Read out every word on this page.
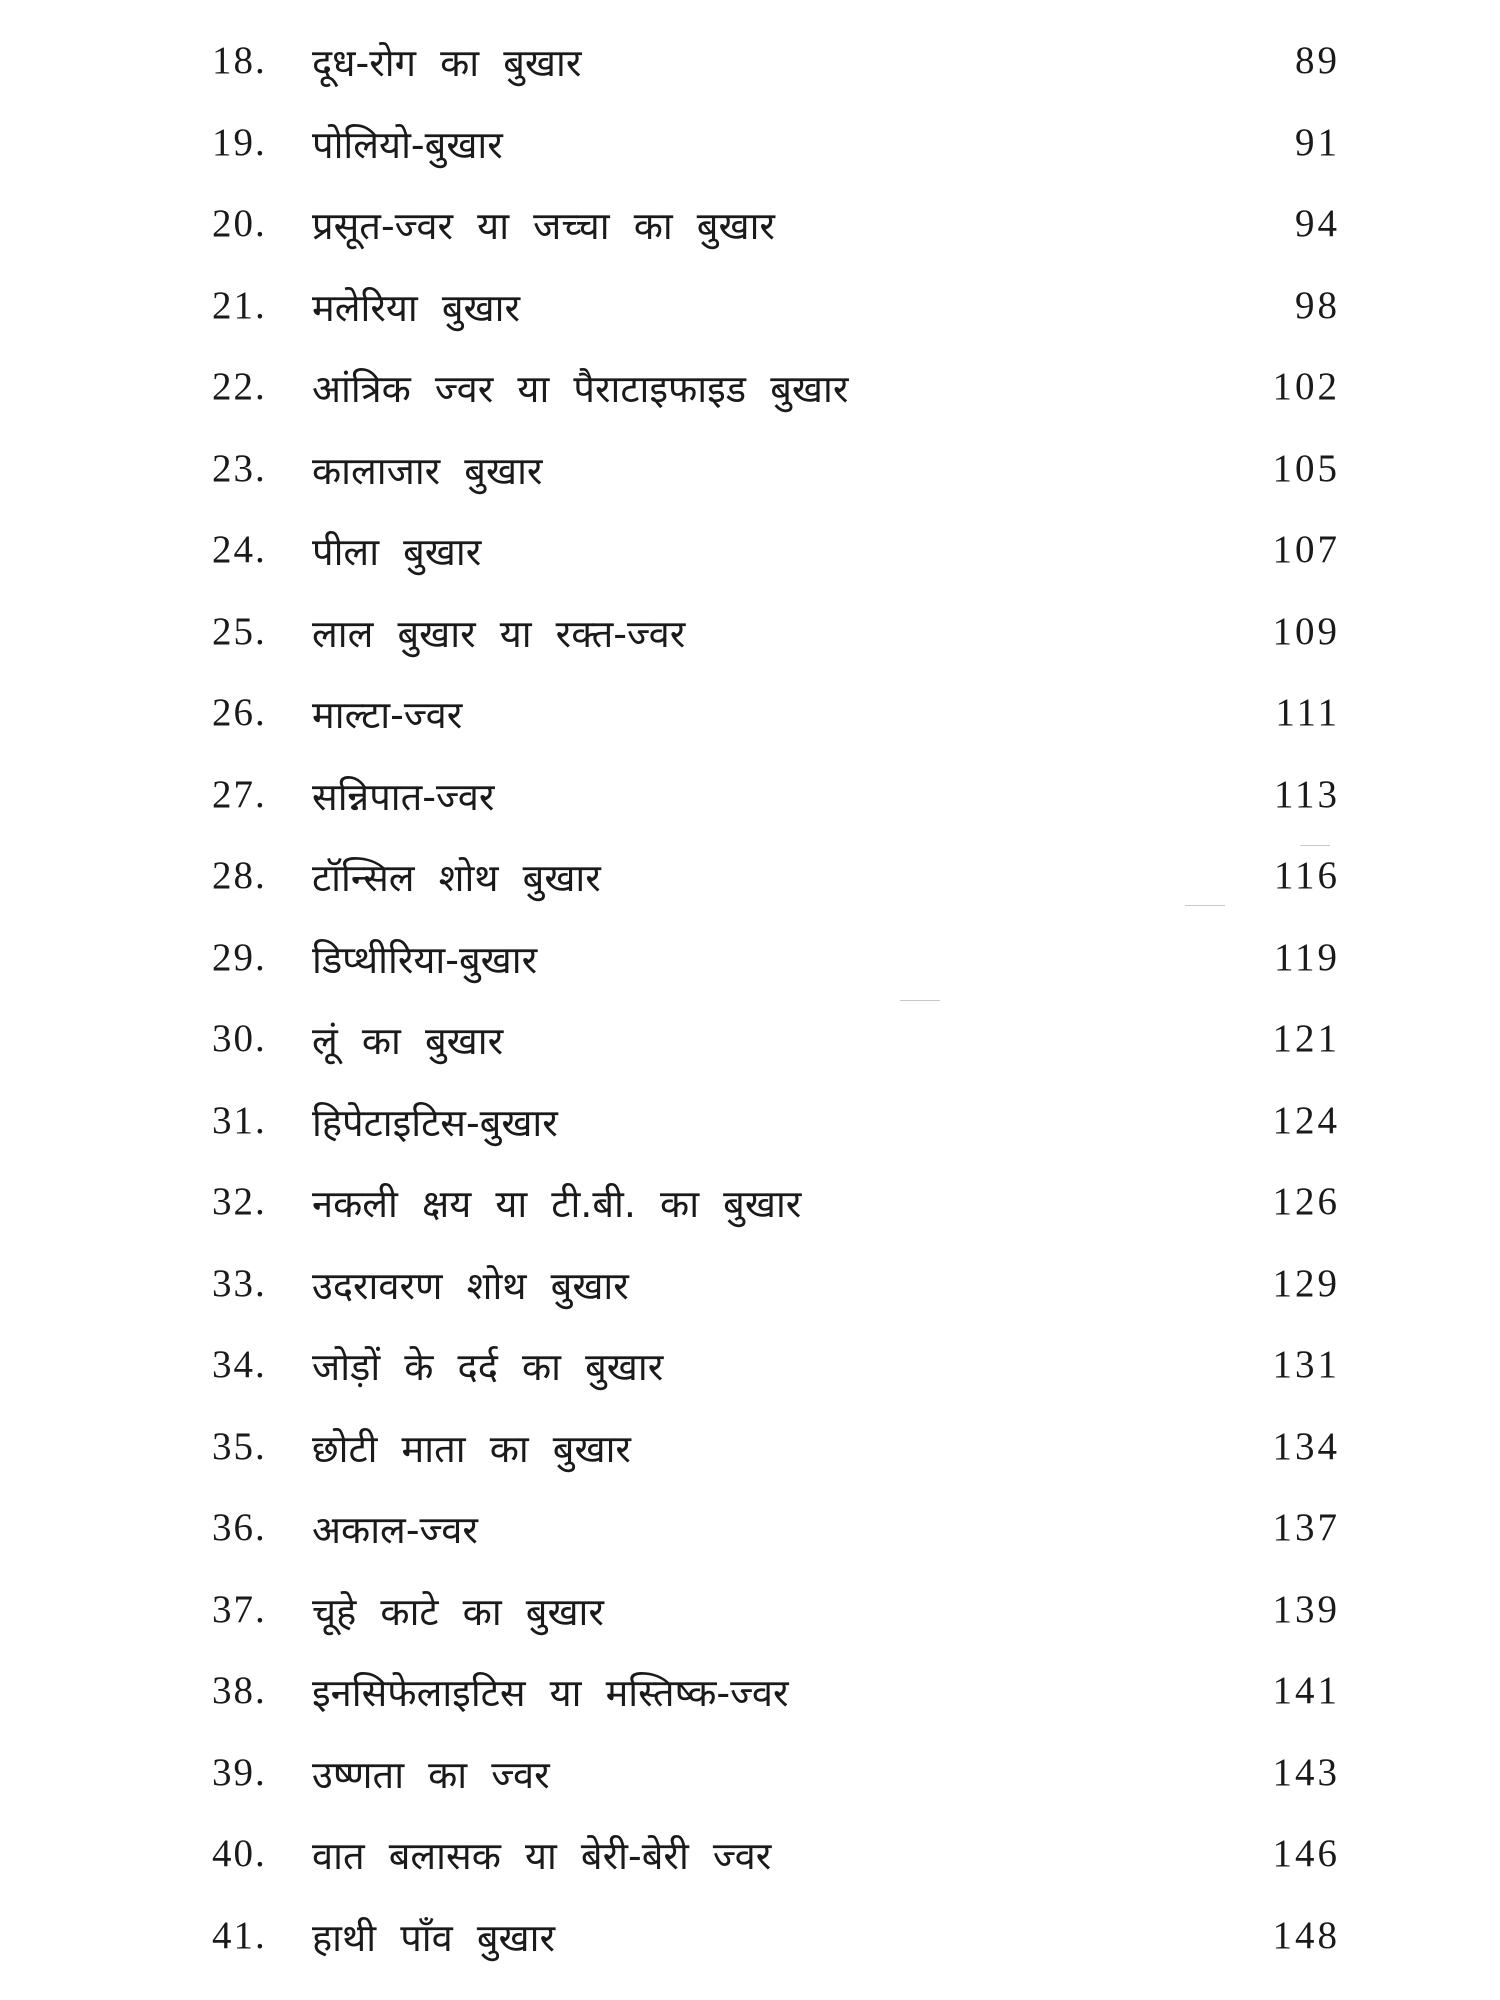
18. दूध-रोग का बुखार	89
19. पोलियो-बुखार	91
20. प्रसूत-ज्वर या जच्चा का बुखार	94
21. मलेरिया बुखार	98
22. आंत्रिक ज्वर या पैराटाइफाइड बुखार	102
23. कालाजार बुखार	105
24. पीला बुखार	107
25. लाल बुखार या रक्त-ज्वर	109
26. माल्टा-ज्वर	111
27. सन्निपात-ज्वर	113
28. टॉन्सिल शोथ बुखार	116
29. डिप्थीरिया-बुखार	119
30. लूं का बुखार	121
31. हिपेटाइटिस-बुखार	124
32. नकली क्षय या टी.बी. का बुखार	126
33. उदरावरण शोथ बुखार	129
34. जोड़ों के दर्द का बुखार	131
35. छोटी माता का बुखार	134
36. अकाल-ज्वर	137
37. चूहे काटे का बुखार	139
38. इनसिफेलाइटिस या मस्तिष्क-ज्वर	141
39. उष्णता का ज्वर	143
40. वात बलासक या बेरी-बेरी ज्वर	146
41. हाथी पाँव बुखार	148
